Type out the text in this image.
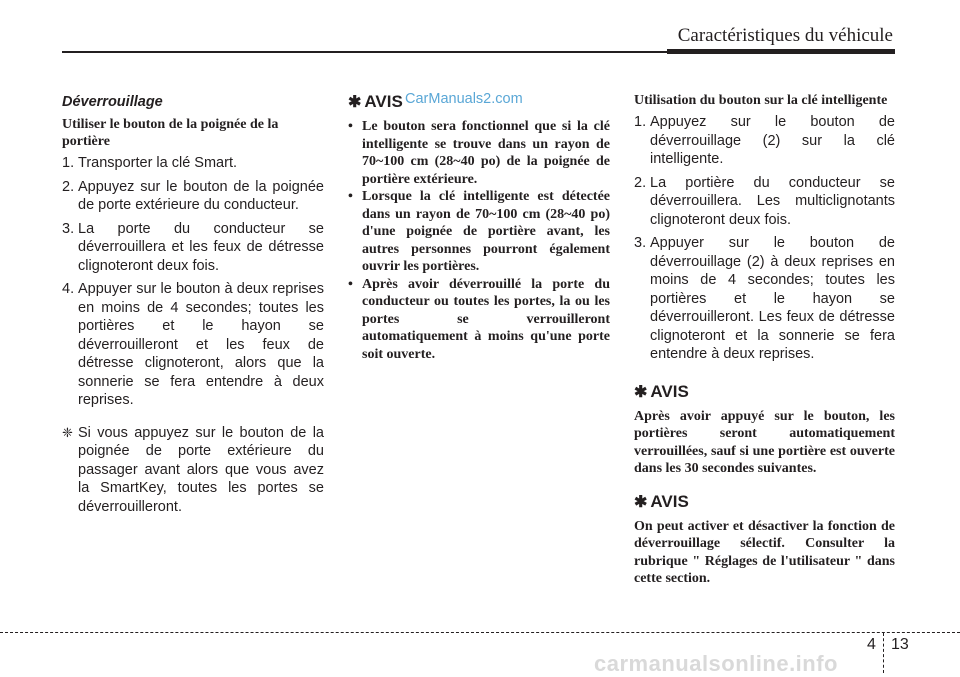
Caractéristiques du véhicule
Déverrouillage
Utiliser le bouton de la poignée de la portière
1. Transporter la clé Smart.
2. Appuyez sur le bouton de la poignée de porte extérieure du conducteur.
3. La porte du conducteur se déverrouillera et les feux de détresse clignoteront deux fois.
4. Appuyer sur le bouton à deux reprises en moins de 4 secondes; toutes les portières et le hayon se déverrouilleront et les feux de détresse clignoteront, alors que la sonnerie se fera entendre à deux reprises.
❈ Si vous appuyez sur le bouton de la poignée de porte extérieure du passager avant alors que vous avez la SmartKey, toutes les portes se déverrouilleront.
✱ AVIS CarManuals2.com
• Le bouton sera fonctionnel que si la clé intelligente se trouve dans un rayon de 70~100 cm (28~40 po) de la poignée de portière extérieure.
• Lorsque la clé intelligente est détectée dans un rayon de 70~100 cm (28~40 po) d'une poignée de portière avant, les autres personnes pourront également ouvrir les portières.
• Après avoir déverrouillé la porte du conducteur ou toutes les portes, la ou les portes se verrouilleront automatiquement à moins qu'une porte soit ouverte.
Utilisation du bouton sur la clé intelligente
1. Appuyez sur le bouton de déverrouillage (2) sur la clé intelligente.
2. La portière du conducteur se déverrouillera. Les multiclignotants clignoteront deux fois.
3. Appuyer sur le bouton de déverrouillage (2) à deux reprises en moins de 4 secondes; toutes les portières et le hayon se déverrouilleront. Les feux de détresse clignoteront et la sonnerie se fera entendre à deux reprises.
✱ AVIS
Après avoir appuyé sur le bouton, les portières seront automatiquement verrouillées, sauf si une portière est ouverte dans les 30 secondes suivantes.
✱ AVIS
On peut activer et désactiver la fonction de déverrouillage sélectif. Consulter la rubrique " Réglages de l'utilisateur " dans cette section.
4 13
carmanualsonline.info
